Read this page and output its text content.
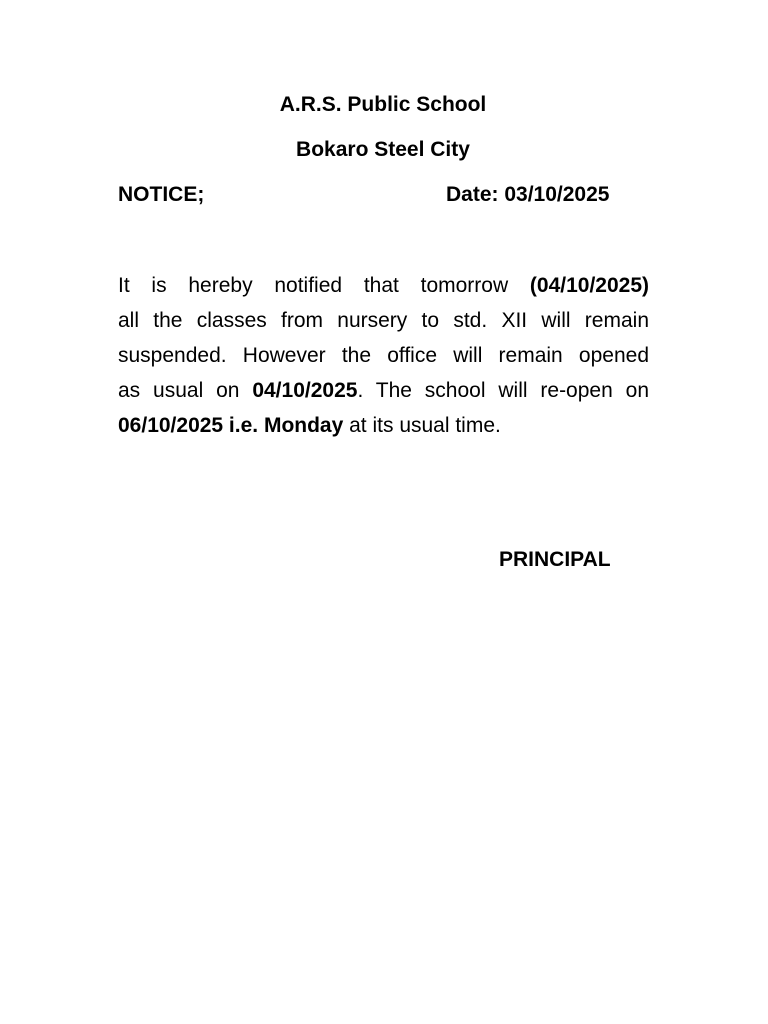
A.R.S. Public School
Bokaro Steel City
NOTICE;	Date: 03/10/2025
It is hereby notified that tomorrow (04/10/2025)
all the classes from nursery to std. XII will remain
suspended. However the office will remain opened
as usual on 04/10/2025. The school will re-open on
06/10/2025 i.e. Monday at its usual time.
PRINCIPAL
